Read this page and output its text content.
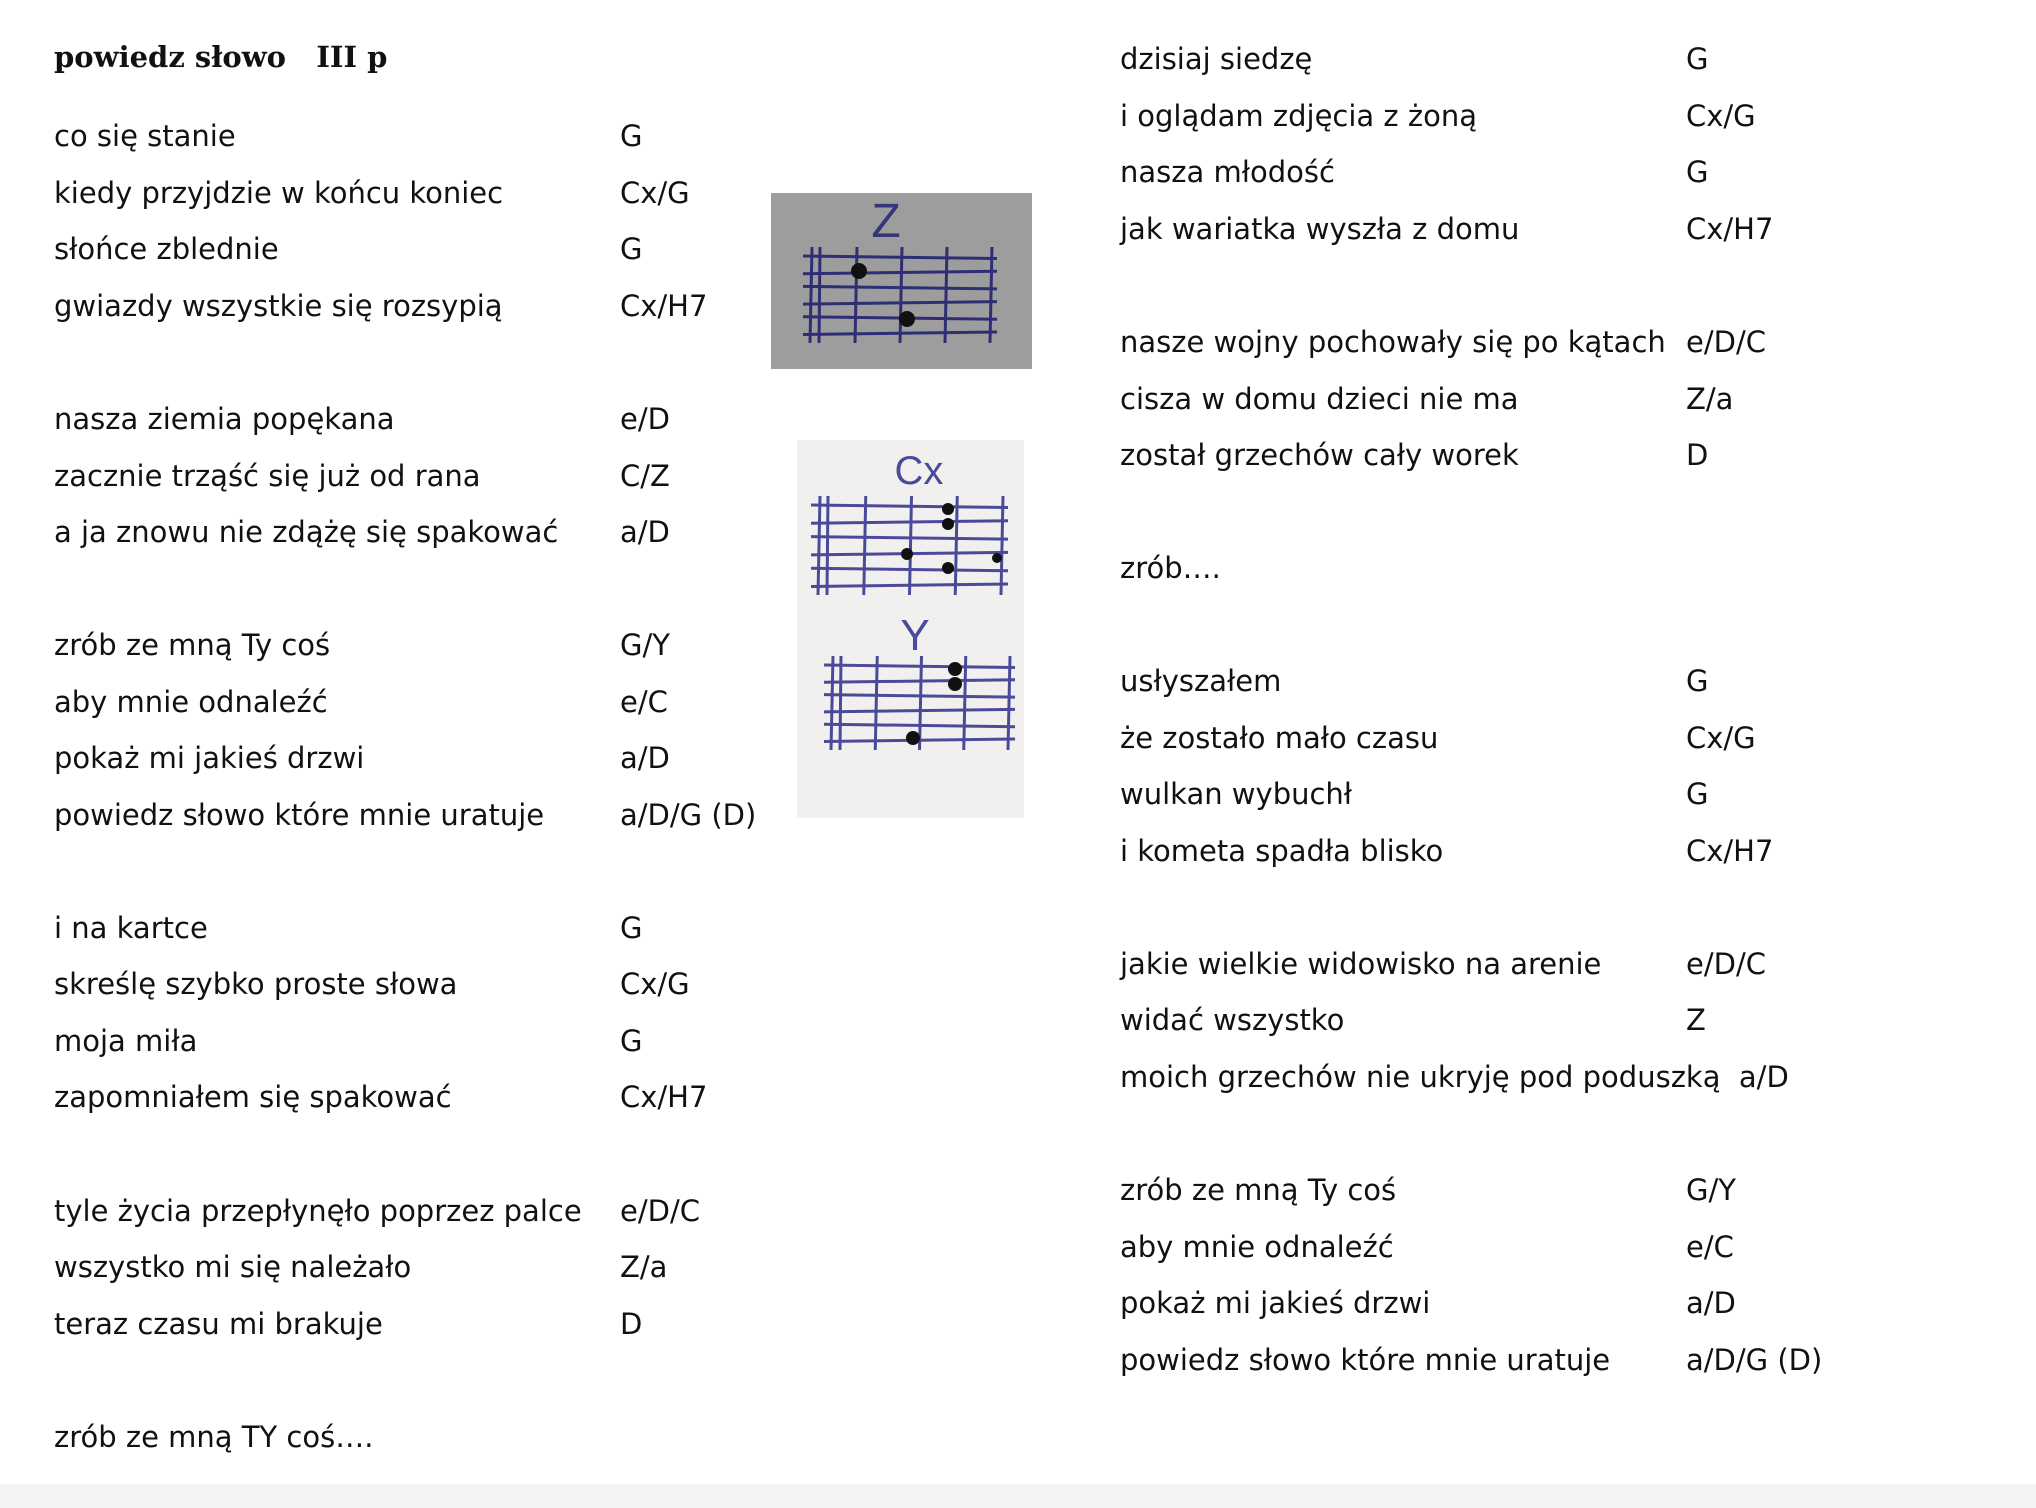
powiedz słowo   III p
co się stanie	G
kiedy przyjdzie w końcu koniec	Cx/G
słońce zblednie	G
gwiazdy wszystkie się rozsypią	Cx/H7
nasza ziemia popękana	e/D
zacznie trząść się już od rana	C/Z
a ja znowu nie zdążę się spakować a/D
zrób ze mną Ty coś	G/Y
aby mnie odnaleźć	e/C
pokaż mi jakieś drzwi	a/D
powiedz słowo które mnie uratuje	a/D/G (D)
i na kartce	G
skreślę szybko proste słowa	Cx/G
moja miła	G
zapomniałem się spakować	Cx/H7
tyle życia przepłynęło poprzez palce e/D/C
wszystko mi się należało	Z/a
teraz czasu mi brakuje	D
zrób ze mną TY coś….
dzisiaj siedzę	G
i oglądam zdjęcia z żoną	Cx/G
nasza młodość	G
jak wariatka wyszła z domu	Cx/H7
nasze wojny pochowały się po kątach e/D/C
cisza w domu dzieci nie ma	Z/a
został grzechów cały worek	D
zrób….
usłyszałem	G
że zostało mało czasu	Cx/G
wulkan wybuchł	G
i kometa spadła blisko	Cx/H7
jakie wielkie widowisko na arenie	e/D/C
widać wszystko	Z
moich grzechów nie ukryję pod poduszką  a/D
zrób ze mną Ty coś	G/Y
aby mnie odnaleźć	e/C
pokaż mi jakieś drzwi	a/D
powiedz słowo które mnie uratuje	a/D/G (D)
Z
Cx
Y
